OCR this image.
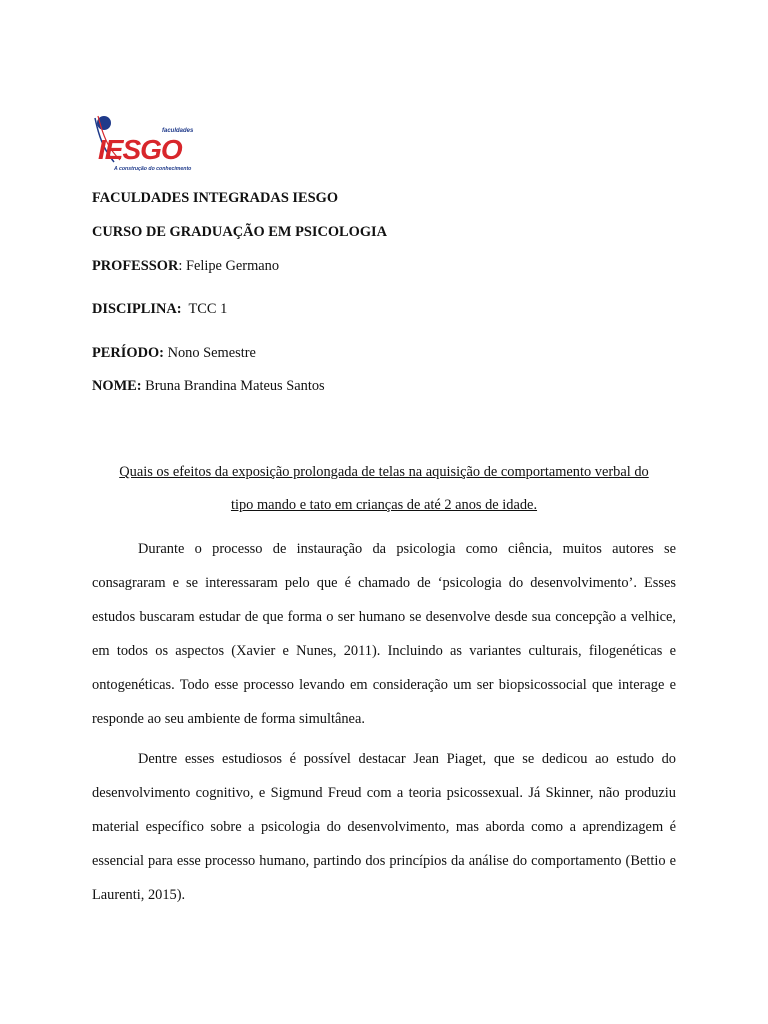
faculdades
IESGO
A construção do conhecimento
FACULDADES INTEGRADAS IESGO
CURSO DE GRADUAÇÃO EM PSICOLOGIA
PROFESSOR: Felipe Germano
DISCIPLINA:  TCC 1
PERÍODO: Nono Semestre
NOME: Bruna Brandina Mateus Santos
Quais os efeitos da exposição prolongada de telas na aquisição de comportamento verbal do
tipo mando e tato em crianças de até 2 anos de idade.

Durante o processo de instauração da psicologia como ciência, muitos autores se consagraram e se interessaram pelo que é chamado de ‘psicologia do desenvolvimento’. Esses estudos buscaram estudar de que forma o ser humano se desenvolve desde sua concepção a velhice, em todos os aspectos (Xavier e Nunes, 2011). Incluindo as variantes culturais, filogenéticas e ontogenéticas. Todo esse processo levando em consideração um ser biopsicossocial que interage e responde ao seu ambiente de forma simultânea.

Dentre esses estudiosos é possível destacar Jean Piaget, que se dedicou ao estudo do desenvolvimento cognitivo, e Sigmund Freud com a teoria psicossexual. Já Skinner, não produziu material específico sobre a psicologia do desenvolvimento, mas aborda como a aprendizagem é essencial para esse processo humano, partindo dos princípios da análise do comportamento (Bettio e Laurenti, 2015).
